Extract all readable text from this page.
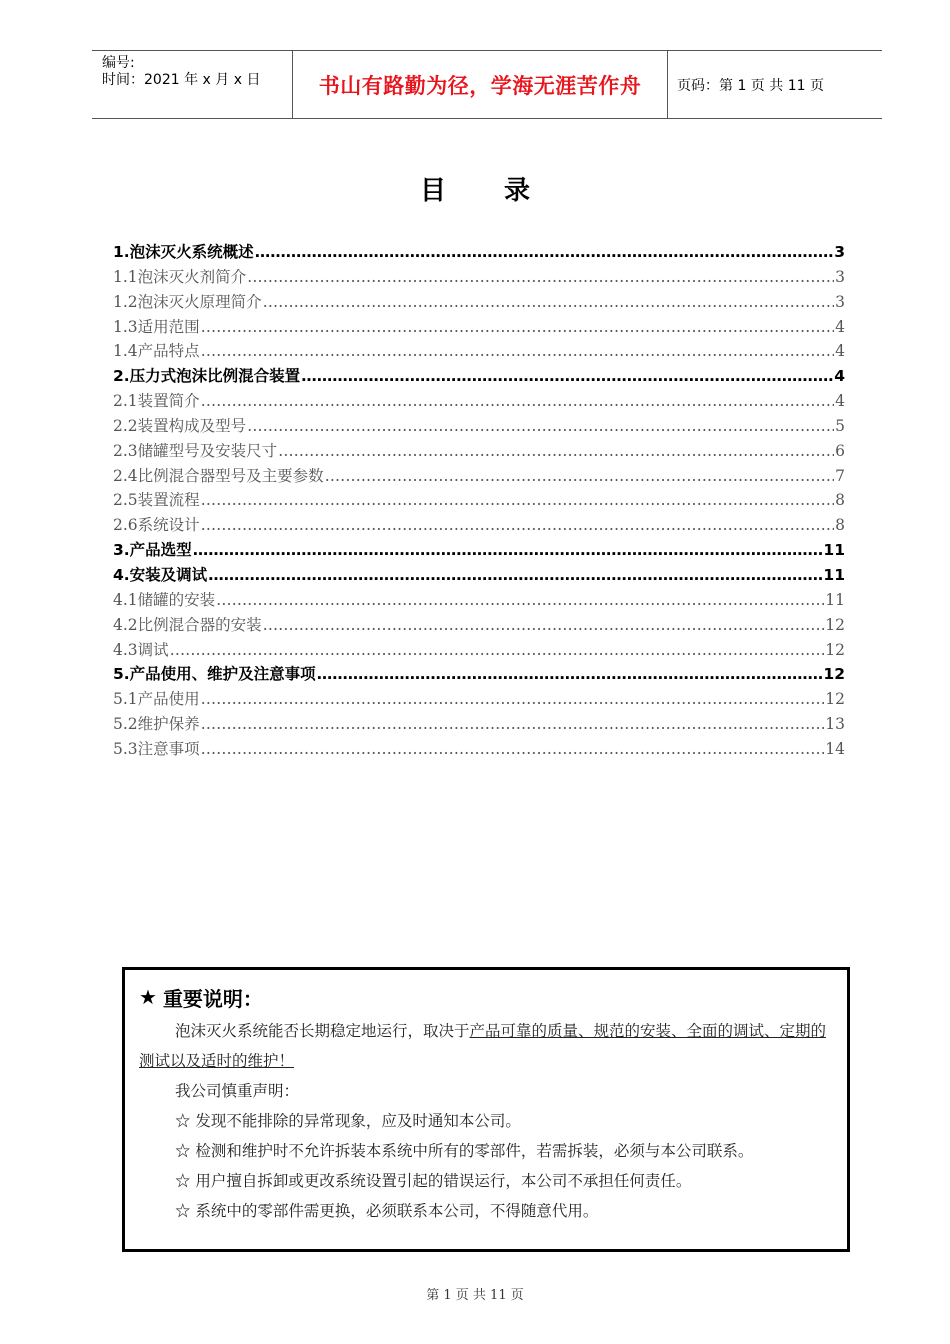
编号:
时间：2021 年 x 月 x 日	书山有路勤为径，学海无涯苦作舟	页码：第 1 页 共 11 页
目录
1.泡沫灭火系统概述 ……………………………………………………………………………………………………………………………………………………………………………………………………	3
1.1泡沫灭火剂简介 ……………………………………………………………………………………………………………………………………………………………………………………………………	3
1.2泡沫灭火原理简介 ……………………………………………………………………………………………………………………………………………………………………………………………………	3
1.3适用范围 ……………………………………………………………………………………………………………………………………………………………………………………………………	4
1.4产品特点 ……………………………………………………………………………………………………………………………………………………………………………………………………	4
2.压力式泡沫比例混合装置 ……………………………………………………………………………………………………………………………………………………………………………………………………	4
2.1装置简介 ……………………………………………………………………………………………………………………………………………………………………………………………………	4
2.2装置构成及型号 ……………………………………………………………………………………………………………………………………………………………………………………………………	5
2.3储罐型号及安装尺寸 ……………………………………………………………………………………………………………………………………………………………………………………………………	6
2.4比例混合器型号及主要参数 ……………………………………………………………………………………………………………………………………………………………………………………………………	7
2.5装置流程 ……………………………………………………………………………………………………………………………………………………………………………………………………	8
2.6系统设计 ……………………………………………………………………………………………………………………………………………………………………………………………………	8
3.产品选型 ……………………………………………………………………………………………………………………………………………………………………………………………………	11
4.安装及调试 ……………………………………………………………………………………………………………………………………………………………………………………………………	11
4.1储罐的安装 ……………………………………………………………………………………………………………………………………………………………………………………………………	11
4.2比例混合器的安装 ……………………………………………………………………………………………………………………………………………………………………………………………………	12
4.3调试 ……………………………………………………………………………………………………………………………………………………………………………………………………	12
5.产品使用、维护及注意事项 ……………………………………………………………………………………………………………………………………………………………………………………………………	12
5.1产品使用 ……………………………………………………………………………………………………………………………………………………………………………………………………	12
5.2维护保养 ……………………………………………………………………………………………………………………………………………………………………………………………………	13
5.3注意事项 ……………………………………………………………………………………………………………………………………………………………………………………………………	14
★ 重要说明：

泡沫灭火系统能否长期稳定地运行，取决于产品可靠的质量、规范的安装、全面的调试、定期的测试以及适时的维护！

我公司慎重声明：

☆ 发现不能排除的异常现象，应及时通知本公司。

☆ 检测和维护时不允许拆装本系统中所有的零部件，若需拆装，必须与本公司联系。

☆ 用户擅自拆卸或更改系统设置引起的错误运行，本公司不承担任何责任。

☆ 系统中的零部件需更换，必须联系本公司，不得随意代用。

第 1 页 共 11 页
